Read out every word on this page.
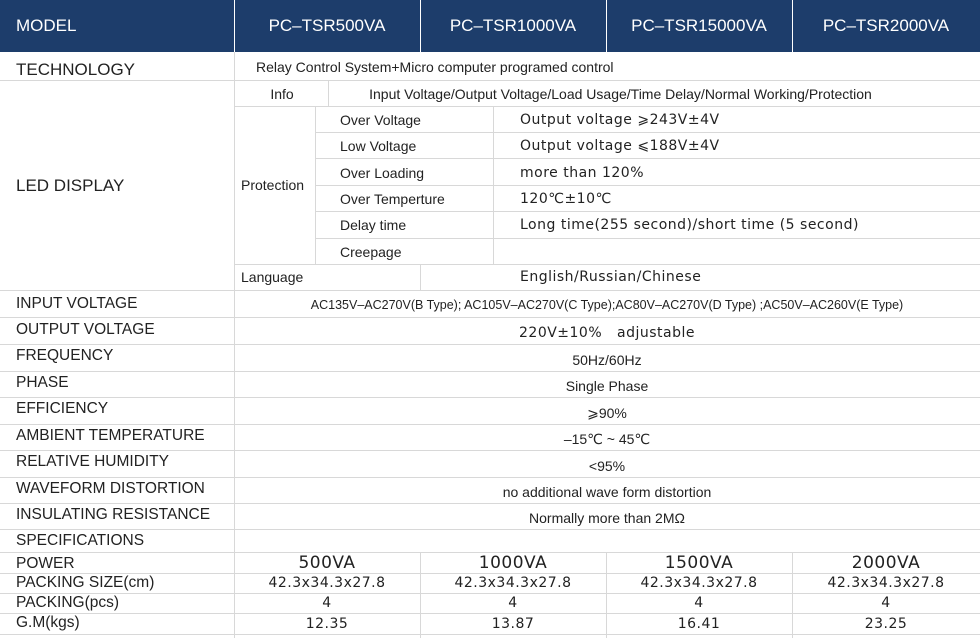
MODEL	PC–TSR500VA	PC–TSR1000VA	PC–TSR15000VA	PC–TSR2000VA
TECHNOLOGY	Relay Control System+Micro computer programed control
LED DISPLAY
Info	Input Voltage/Output Voltage/Load Usage/Time Delay/Normal Working/Protection
Protection
Over Voltage	Output voltage ⩾243V±4V
Low Voltage	Output voltage ⩽188V±4V
Over Loading	more than 120%
Over Temperture	120℃±10℃
Delay time	Long time(255 second)/short time (5 second)
Creepage
Language	English/Russian/Chinese
INPUT VOLTAGE	AC135V–AC270V(B Type); AC105V–AC270V(C Type);AC80V–AC270V(D Type) ;AC50V–AC260V(E Type)
OUTPUT VOLTAGE	220V±10%   adjustable
FREQUENCY	50Hz/60Hz
PHASE	Single Phase
EFFICIENCY	⩾90%
AMBIENT TEMPERATURE	–15℃ ~ 45℃
RELATIVE HUMIDITY	<95%
WAVEFORM DISTORTION	no additional wave form distortion
INSULATING RESISTANCE	Normally more than 2MΩ
SPECIFICATIONS
POWER	500VA	1000VA	1500VA	2000VA
PACKING SIZE(cm)	42.3x34.3x27.8	42.3x34.3x27.8	42.3x34.3x27.8	42.3x34.3x27.8
PACKING(pcs)	4	4	4	4
G.M(kgs)	12.35	13.87	16.41	23.25
